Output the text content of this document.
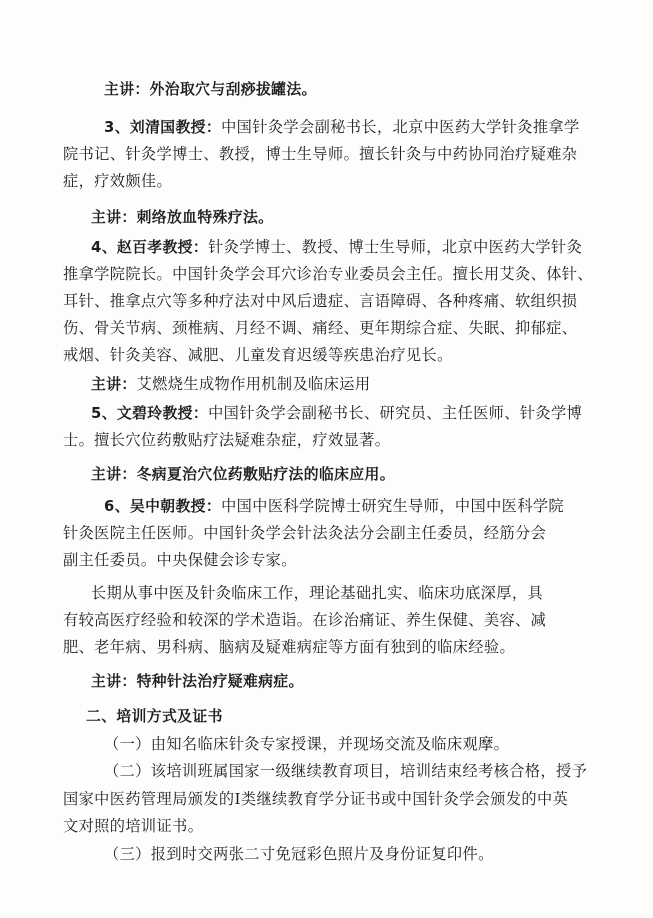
主讲：外治取穴与刮痧拔罐法。
3、刘清国教授：中国针灸学会副秘书长，北京中医药大学针灸推拿学
院书记、针灸学博士、教授，博士生导师。擅长针灸与中药协同治疗疑难杂
症，疗效颇佳。
主讲：刺络放血特殊疗法。
4、赵百孝教授：针灸学博士、教授、博士生导师，北京中医药大学针灸
推拿学院院长。中国针灸学会耳穴诊治专业委员会主任。擅长用艾灸、体针、
耳针、推拿点穴等多种疗法对中风后遗症、言语障碍、各种疼痛、软组织损
伤、骨关节病、颈椎病、月经不调、痛经、更年期综合症、失眠、抑郁症、
戒烟、针灸美容、减肥、儿童发育迟缓等疾患治疗见长。
主讲：艾燃烧生成物作用机制及临床运用
5、文碧玲教授：中国针灸学会副秘书长、研究员、主任医师、针灸学博
士。擅长穴位药敷贴疗法疑难杂症，疗效显著。
主讲：冬病夏治穴位药敷贴疗法的临床应用。
6、吴中朝教授：中国中医科学院博士研究生导师，中国中医科学院
针灸医院主任医师。中国针灸学会针法灸法分会副主任委员，经筋分会
副主任委员。中央保健会诊专家。
长期从事中医及针灸临床工作，理论基础扎实、临床功底深厚，具
有较高医疗经验和较深的学术造诣。在诊治痛证、养生保健、美容、减
肥、老年病、男科病、脑病及疑难病症等方面有独到的临床经验。
主讲：特种针法治疗疑难病症。
二、培训方式及证书
（一）由知名临床针灸专家授课，并现场交流及临床观摩。
（二）该培训班属国家一级继续教育项目，培训结束经考核合格，授予
国家中医药管理局颁发的I类继续教育学分证书或中国针灸学会颁发的中英
文对照的培训证书。
（三）报到时交两张二寸免冠彩色照片及身份证复印件。
